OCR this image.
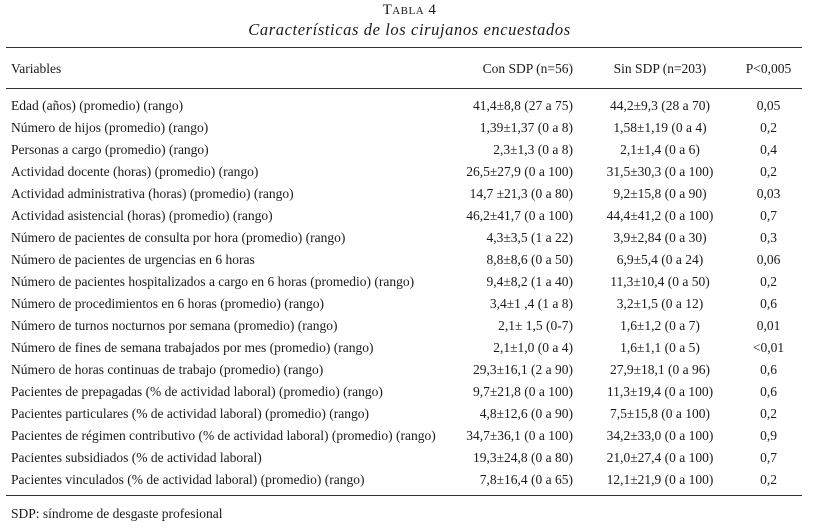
Tabla 4
Características de los cirujanos encuestados
Variables	Con SDP (n=56)	Sin SDP (n=203)	P<0,005
Edad (años) (promedio) (rango)	41,4±8,8 (27 a 75)	44,2±9,3 (28 a 70)	0,05
Número de hijos (promedio) (rango)	1,39±1,37 (0 a 8)	1,58±1,19 (0 a 4)	0,2
Personas a cargo (promedio) (rango)	2,3±1,3 (0 a 8)	2,1±1,4 (0 a 6)	0,4
Actividad docente (horas) (promedio) (rango)	26,5±27,9 (0 a 100)	31,5±30,3 (0 a 100)	0,2
Actividad administrativa (horas) (promedio) (rango)	14,7 ±21,3 (0 a 80)	9,2±15,8 (0 a 90)	0,03
Actividad asistencial (horas) (promedio) (rango)	46,2±41,7 (0 a 100)	44,4±41,2 (0 a 100)	0,7
Número de pacientes de consulta por hora (promedio) (rango)	4,3±3,5 (1 a 22)	3,9±2,84 (0 a 30)	0,3
Número de pacientes de urgencias en 6 horas	8,8±8,6 (0 a 50)	6,9±5,4 (0 a 24)	0,06
Número de pacientes hospitalizados a cargo en 6 horas (promedio) (rango)	9,4±8,2 (1 a 40)	11,3±10,4 (0 a 50)	0,2
Número de procedimientos en 6 horas (promedio) (rango)	3,4±1 ,4 (1 a 8)	3,2±1,5 (0 a 12)	0,6
Número de turnos nocturnos por semana (promedio) (rango)	2,1± 1,5 (0-7)	1,6±1,2 (0 a 7)	0,01
Número de fines de semana trabajados por mes (promedio) (rango)	2,1±1,0 (0 a 4)	1,6±1,1 (0 a 5)	<0,01
Número de horas continuas de trabajo (promedio) (rango)	29,3±16,1 (2 a 90)	27,9±18,1 (0 a 96)	0,6
Pacientes de prepagadas (% de actividad laboral) (promedio) (rango)	9,7±21,8 (0 a 100)	11,3±19,4 (0 a 100)	0,6
Pacientes particulares (% de actividad laboral) (promedio) (rango)	4,8±12,6 (0 a 90)	7,5±15,8 (0 a 100)	0,2
Pacientes de régimen contributivo (% de actividad laboral) (promedio) (rango)	34,7±36,1 (0 a 100)	34,2±33,0 (0 a 100)	0,9
Pacientes subsidiados (% de actividad laboral)	19,3±24,8 (0 a 80)	21,0±27,4 (0 a 100)	0,7
Pacientes vinculados (% de actividad laboral) (promedio) (rango)	7,8±16,4 (0 a 65)	12,1±21,9 (0 a 100)	0,2
SDP: síndrome de desgaste profesional
